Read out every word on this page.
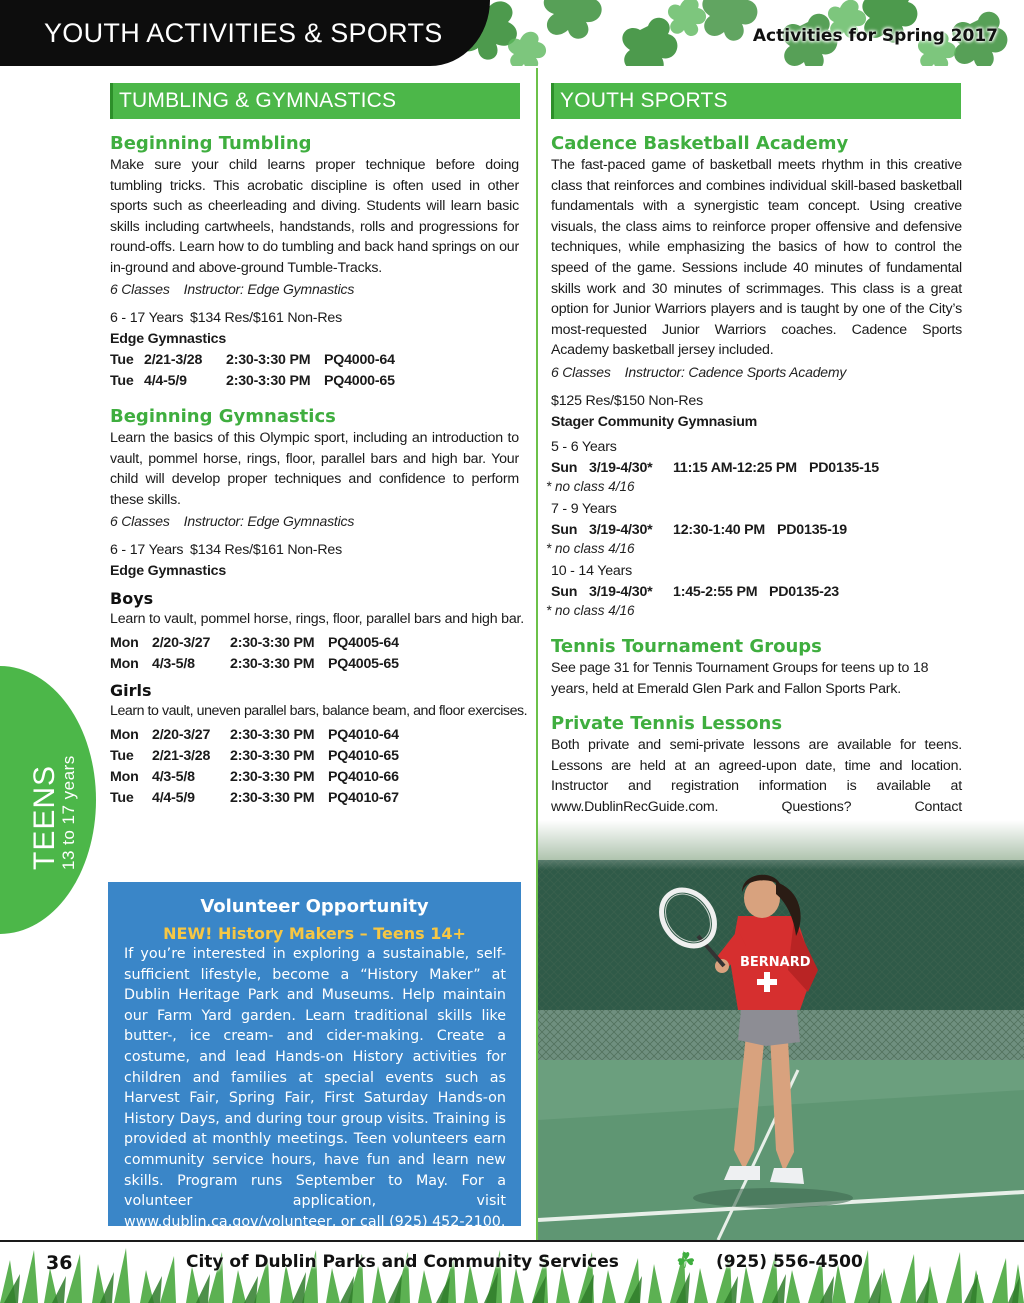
YOUTH ACTIVITIES & SPORTS	Activities for Spring 2017
TUMBLING & GYMNASTICS
Beginning Tumbling
Make sure your child learns proper technique before doing tumbling tricks. This acrobatic discipline is often used in other sports such as cheerleading and diving. Students will learn basic skills including cartwheels, handstands, rolls and progressions for round-offs. Learn how to do tumbling and back hand springs on our in-ground and above-ground Tumble-Tracks.
6 Classes Instructor: Edge Gymnastics
6 - 17 Years $134 Res/$161 Non-Res
Edge Gymnastics
Tue 2/21-3/28 2:30-3:30 PM PQ4000-64
Tue 4/4-5/9	2:30-3:30 PM PQ4000-65
Beginning Gymnastics
Learn the basics of this Olympic sport, including an introduction to vault, pommel horse, rings, floor, parallel bars and high bar. Your child will develop proper techniques and confidence to perform these skills.
6 Classes Instructor: Edge Gymnastics
6 - 17 Years $134 Res/$161 Non-Res
Edge Gymnastics
Boys
Learn to vault, pommel horse, rings, floor, parallel bars and high bar.
Mon 2/20-3/27 2:30-3:30 PM PQ4005-64
Mon 4/3-5/8 2:30-3:30 PM PQ4005-65
Girls
Learn to vault, uneven parallel bars, balance beam, and floor exercises.
Mon 2/20-3/27 2:30-3:30 PM PQ4010-64
Tue 2/21-3/28 2:30-3:30 PM PQ4010-65
Mon 4/3-5/8 2:30-3:30 PM PQ4010-66
Tue 4/4-5/9 2:30-3:30 PM PQ4010-67
TEENS
13 to 17 years
Volunteer Opportunity
NEW! History Makers – Teens 14+
If you’re interested in exploring a sustainable, self-sufficient lifestyle, become a “History Maker” at Dublin Heritage Park and Museums. Help maintain our Farm Yard garden. Learn traditional skills like butter-, ice cream- and cider-making. Create a costume, and lead Hands-on History activities for children and families at special events such as Harvest Fair, Spring Fair, First Saturday Hands-on History Days, and during tour group visits. Training is provided at monthly meetings. Teen volunteers earn community service hours, have fun and learn new skills. Program runs September to May. For a volunteer application, visit www.dublin.ca.gov/volunteer, or call (925) 452-2100.
YOUTH SPORTS
Cadence Basketball Academy
The fast-paced game of basketball meets rhythm in this creative class that reinforces and combines individual skill-based basketball fundamentals with a synergistic team concept. Using creative visuals, the class aims to reinforce proper offensive and defensive techniques, while emphasizing the basics of how to control the speed of the game. Sessions include 40 minutes of fundamental skills work and 30 minutes of scrimmages. This class is a great option for Junior Warriors players and is taught by one of the City’s most-requested Junior Warriors coaches. Cadence Sports Academy basketball jersey included.
6 Classes Instructor: Cadence Sports Academy
$125 Res/$150 Non-Res
Stager Community Gymnasium
5 - 6 Years
Sun 3/19-4/30* 11:15 AM-12:25 PM PD0135-15
* no class 4/16
7 - 9 Years
Sun 3/19-4/30* 12:30-1:40 PM PD0135-19
* no class 4/16
10 - 14 Years
Sun 3/19-4/30* 1:45-2:55 PM PD0135-23
* no class 4/16
Tennis Tournament Groups
See page 31 for Tennis Tournament Groups for teens up to 18 years, held at Emerald Glen Park and Fallon Sports Park.
Private Tennis Lessons
Both private and semi-private lessons are available for teens. Lessons are held at an agreed-upon date, time and location. Instructor and registration information is available at www.DublinRecGuide.com. Questions? Contact
BERNARD
36	City of Dublin Parks and Community Services	☘ (925) 556-4500
